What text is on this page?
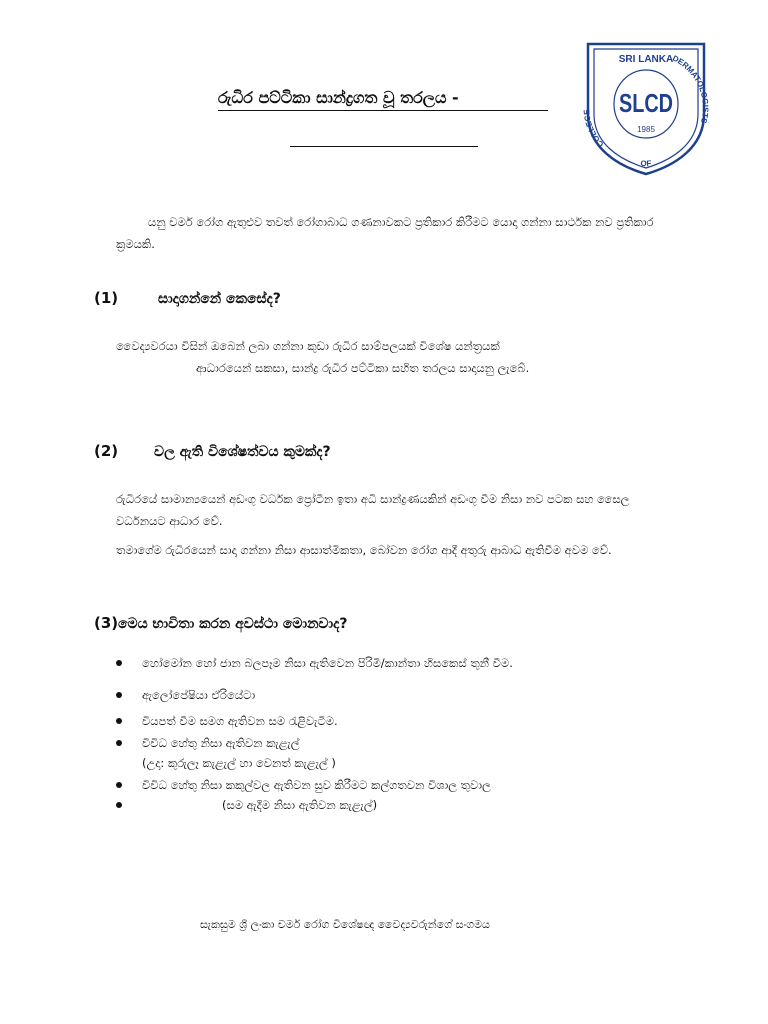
රුධිර පට්ටිකා සාන්ද්‍රගත වූ තරලය -
SRI LANKA
SLCD
1985
COLLEGE
DERMATOLOGISTS
OF

යනු චර්ම රෝග ඇතුළුව තවත් රෝගාබාධ ගණනාවකට ප්‍රතිකාර කිරීමට යොදා ගන්නා සාර්ථක නව ප්‍රතිකාර ක්‍රමයකි.

(1)	සාදාගන්නේ කෙසේද?
වෛද්‍යවරයා විසින් ඔබෙන් ලබා ගන්නා කුඩා රුධිර සාම්පලයක් විශේෂ යන්ත්‍රයක්
ආධාරයෙන් සකසා, සාන්ද්‍ර රුධිර පට්ටිකා සහිත තරලය සාදායනු ලැබේ.
(2)	වල ඇති විශේෂත්වය කුමක්ද?
රුධිරයේ සාමාන්‍යයෙන් අඩංගු වර්ධක ප්‍රෝටීන ඉතා අධි සාන්ද්‍රණයකින් අඩංගු වීම නිසා නව පටක සහ සෛල වර්ධනයට ආධාර වේ.
තමාගේම රුධිරයෙන් සාදා ගන්නා නිසා ආසාත්මිකතා, බෝවන රෝග ආදී අතුරු ආබාධ ඇතිවීම අවම වේ.
(3) මෙය භාවිතා කරන අවස්ථා මොනවාද?
හෝමෝන හෝ ජාන බලපෑම නිසා ඇතිවෙන පිරිමි/කාන්තා හිසකෙස් තුනී වීම.
ඇලෝපේෂියා ඒරියේටා
වියපත් වීම සමග ඇතිවන සම රැළිවැටීම.
විවිධ හේතු නිසා ඇතිවන කැළැල්
(උදා: කුරුලෑ කැළැල් හා වෙනත් කැළැල් )
විවිධ හේතු නිසා කකුල්වල ඇතිවන සුව කිරීමට කල්ගතවන විශාල තුවාල
(සම ඇදීම නිසා ඇතිවන කැළැල්)
සැකසුම ශ්‍රී ලංකා චර්ම රෝග විශේෂඥ වෛද්‍යවරුන්ගේ සංගමය
